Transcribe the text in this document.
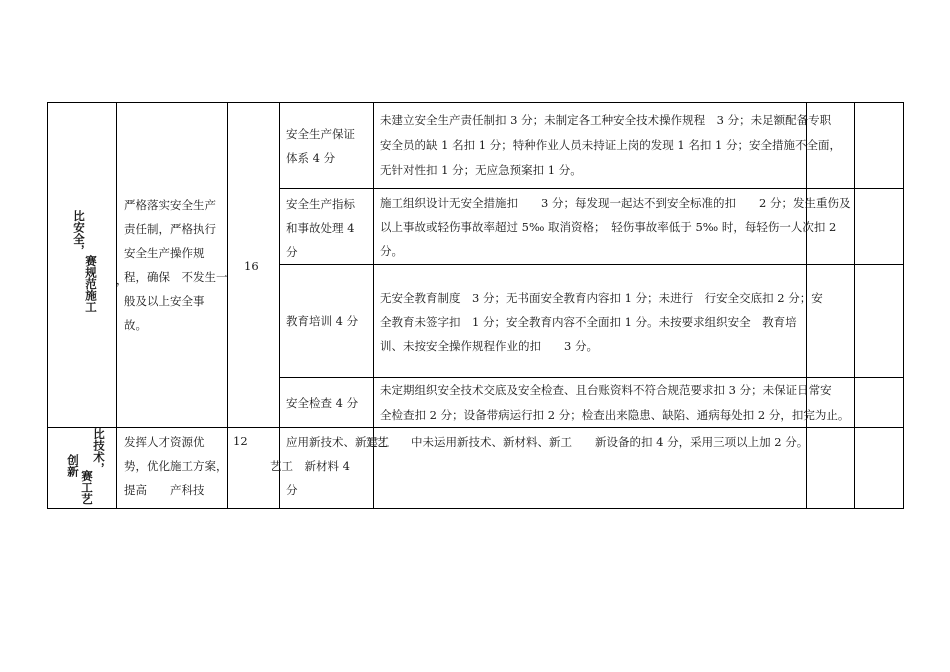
比安全，
赛规范施工 ，
严格落实安全生产
责任制，严格执行
安全生产操作规
程，确保　不发生一
般及以上安全事
故。
16
安全生产保证
体系 4 分
未建立安全生产责任制扣 3 分；未制定各工种安全技术操作规程　3 分；未足额配备专职
安全员的缺 1 名扣 1 分；特种作业人员未持证上岗的发现 1 名扣 1 分；安全措施不全面，
无针对性扣 1 分；无应急预案扣 1 分。
安全生产指标
和事故处理 4
分
施工组织设计无安全措施扣　　3 分；每发现一起达不到安全标准的扣　　2 分；发生重伤及
以上事故或轻伤事故率超过 5‰ 取消资格；　轻伤事故率低于 5‰ 时，每轻伤一人次扣 2
分。
教育培训 4 分
无安全教育制度　3 分；无书面安全教育内容扣 1 分；未进行　行安全交底扣 2 分；安
全教育未签字扣　1 分；安全教育内容不全面扣 1 分。未按要求组织安全　教育培
训、未按安全操作规程作业的扣　　3 分。
安全检查 4 分
未定期组织安全技术交底及安全检查、且台账资料不符合规范要求扣 3 分；未保证日常安
全检查扣 2 分；设备带病运行扣 2 分；检查出来隐患、缺陷、通病每处扣 2 分，扣完为止。
比技术，
赛工艺
创新
发挥人才资源优
势，优化施工方案，
提高　　产科技
12	应用新技术、新建工
艺工　新材料 4
分
工艺　　中未运用新技术、新材料、新工　　新设备的扣 4 分，采用三项以上加 2 分。
